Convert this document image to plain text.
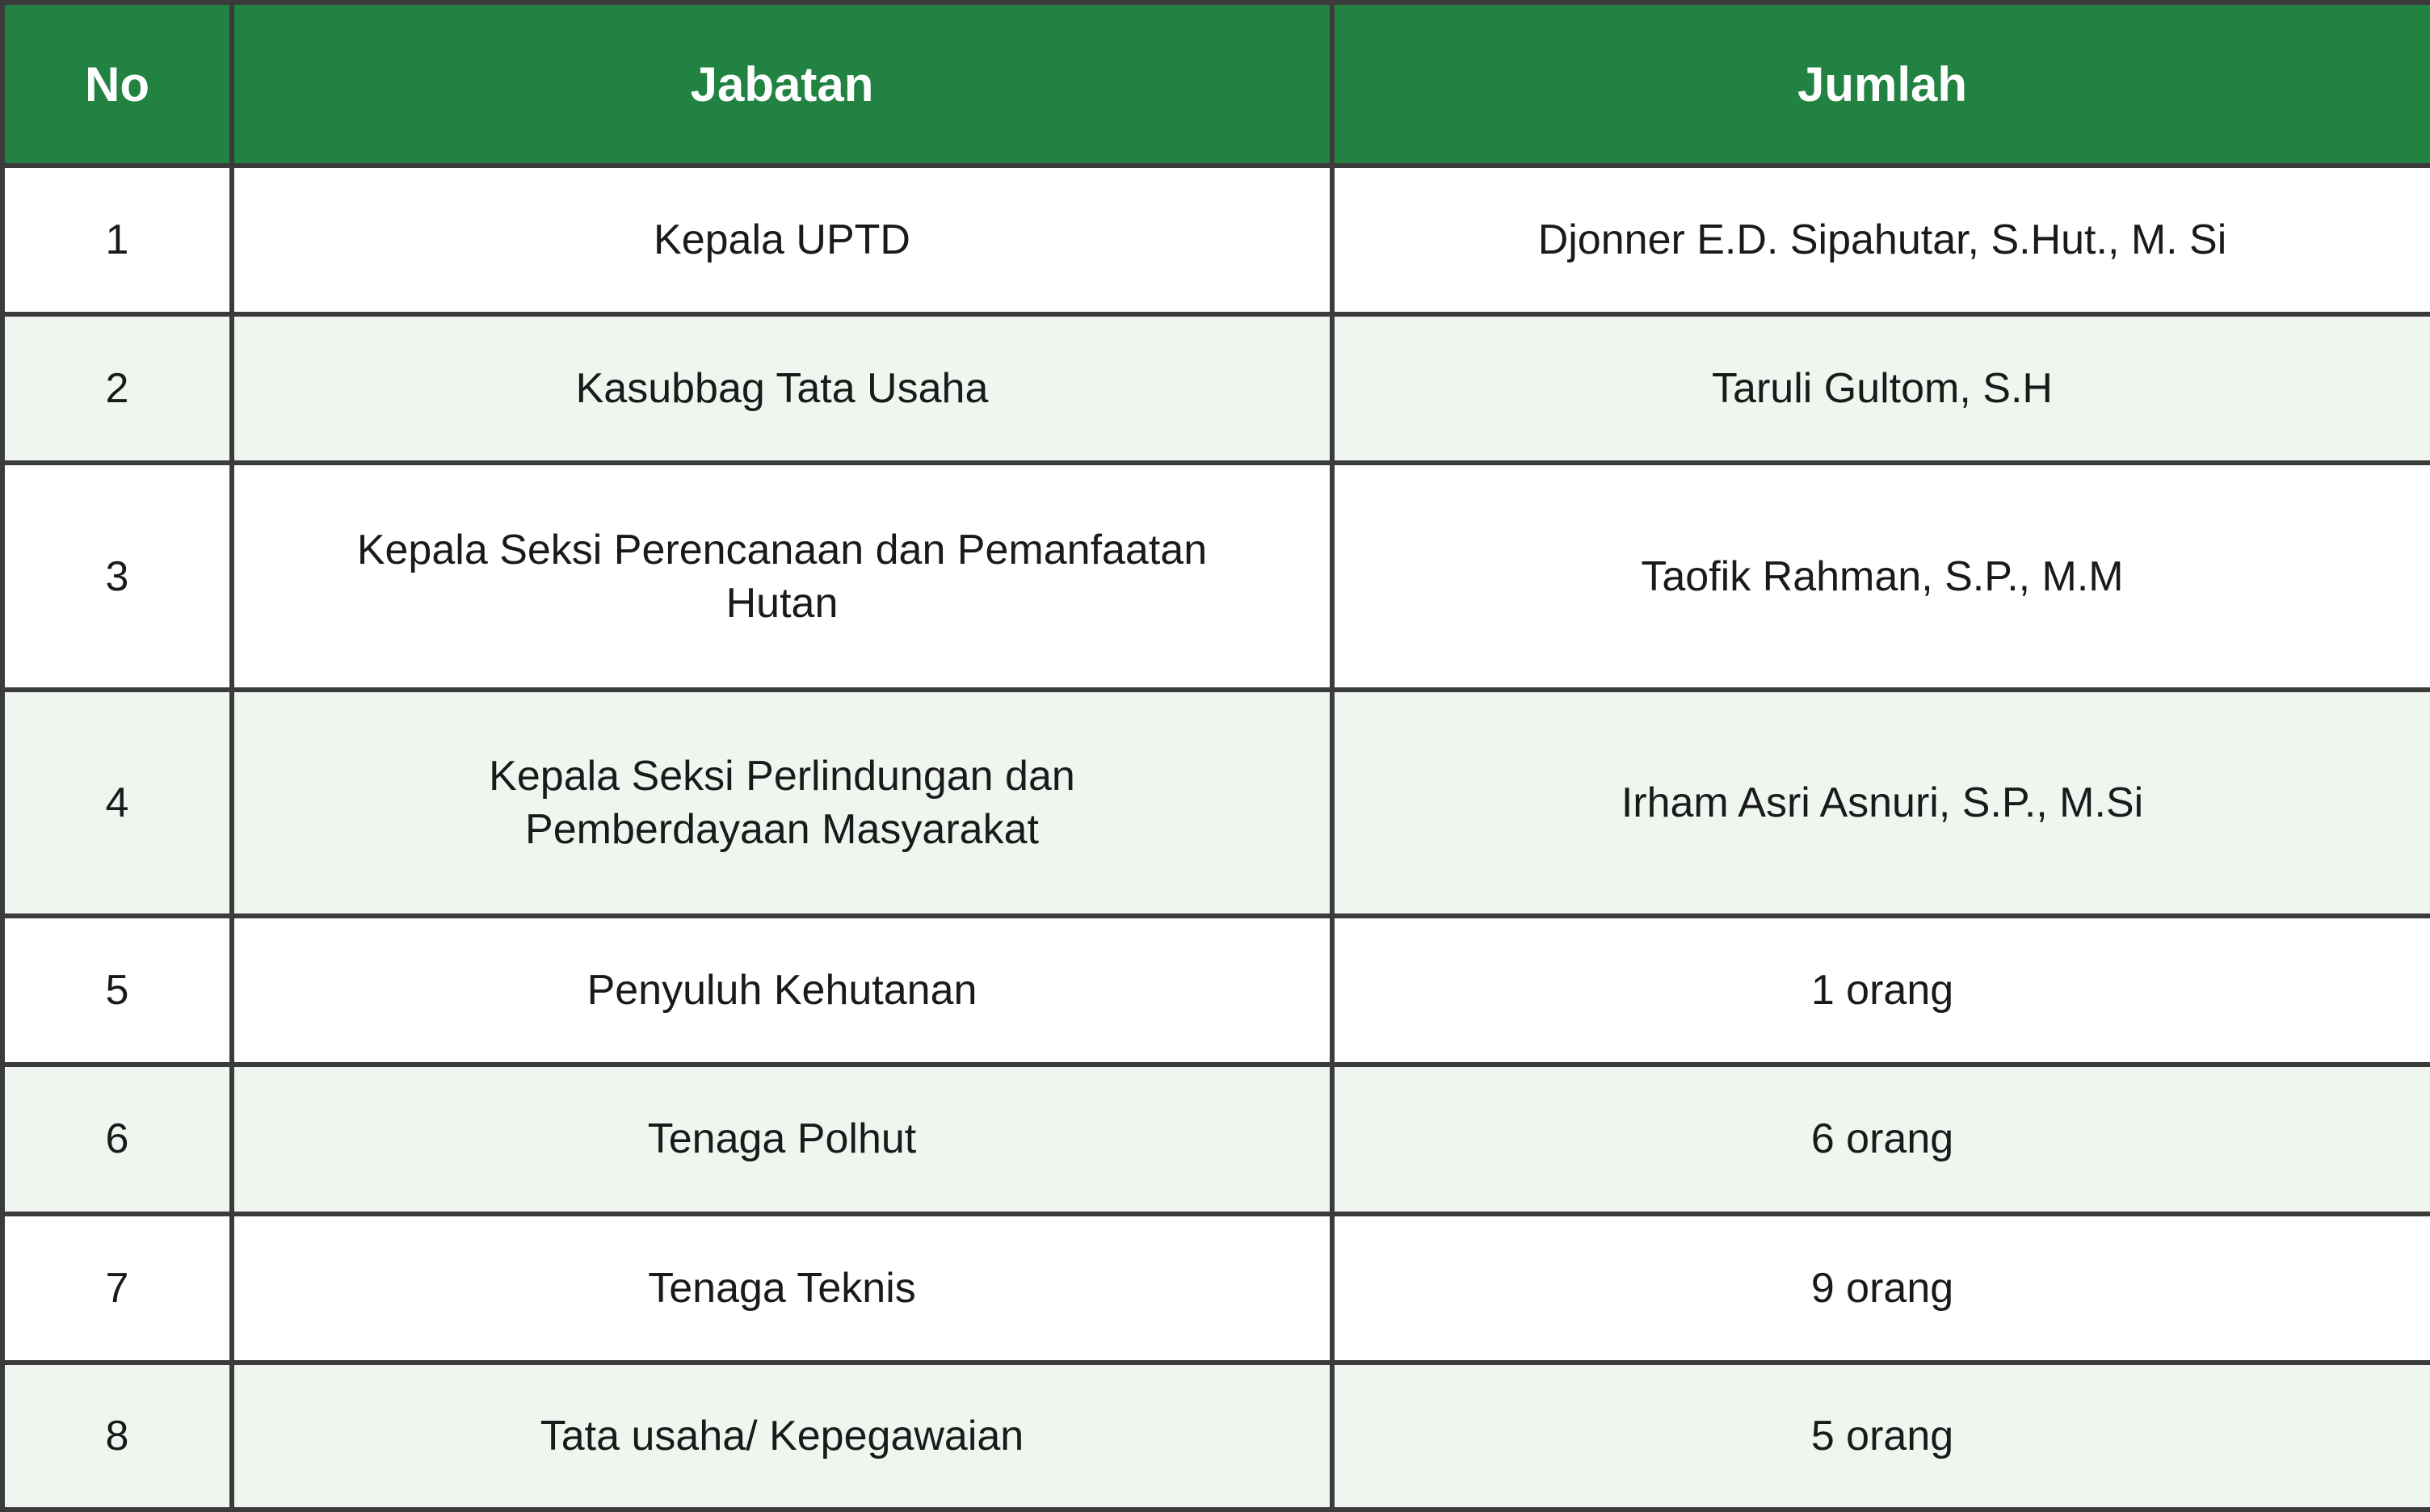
No	Jabatan	Jumlah
1	Kepala UPTD	Djonner E.D. Sipahutar, S.Hut., M. Si
2	Kasubbag Tata Usaha	Taruli Gultom, S.H
3	Kepala Seksi Perencanaan dan Pemanfaatan Hutan	Taofik Rahman, S.P., M.M
4	Kepala Seksi Perlindungan dan Pemberdayaan Masyarakat	Irham Asri Asnuri, S.P., M.Si
5	Penyuluh Kehutanan	1 orang
6	Tenaga Polhut	6 orang
7	Tenaga Teknis	9 orang
8	Tata usaha/ Kepegawaian	5 orang
